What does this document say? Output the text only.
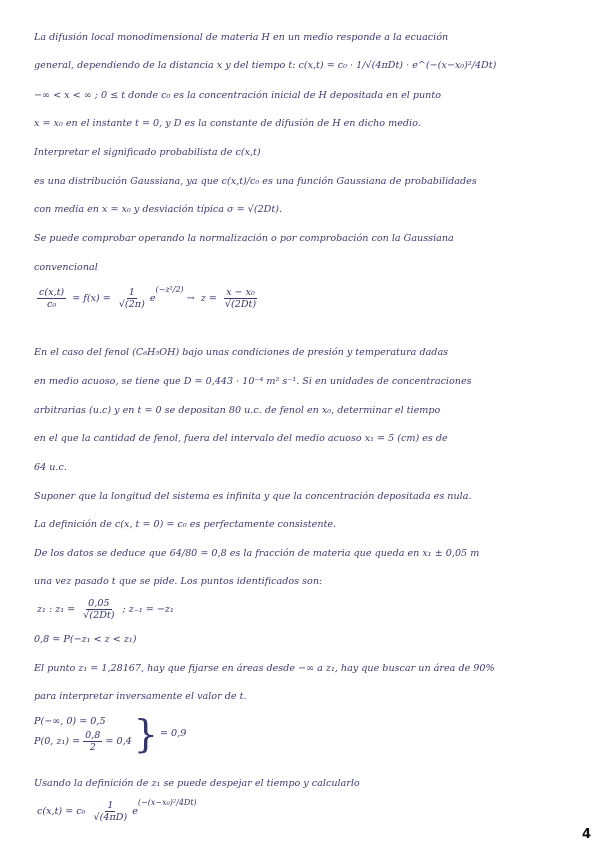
La difusión local monodimensional de materia H en un medio responde a la ecuación
general, dependiendo de la distancia x y del tiempo t: c(x,t) = c₀ · 1/√(4πDt) · e^(−(x−x₀)²/4Dt)
−∞ < x < ∞ ; 0 ≤ t donde c₀ es la concentración inicial de H depositada en el punto
x = x₀ en el instante t = 0, y D es la constante de difusión de H en dicho medio.
Interpretar el significado probabilista de c(x,t)
es una distribución Gaussiana, ya que c(x,t)/c₀ es una función Gaussiana de probabilidades
con media en x = x₀ y desviación típica σ = √(2Dt).
Se puede comprobar operando la normalización o por comprobación con la Gaussiana
convencional
$\frac{c(x,t)}{\text{c₀}} = f(x) = \frac{1}{√(2\pi)}$ e
(−z²/2)
→ $z = \frac{\text{x − x₀}}{√(2Dt)}$
En el caso del fenol (C₆H₅OH) bajo unas condiciones de presión y temperatura dadas
en medio acuoso, se tiene que D = 0,443 · 10⁻⁴ m² s⁻¹. Si en unidades de concentraciones
arbitrarias (u.c) y en t = 0 se depositan 80 u.c. de fenol en x₀, determinar el tiempo
en el que la cantidad de fenol, fuera del intervalo del medio acuoso x₁ = 5 (cm) es de
64 u.c.
Suponer que la longitud del sistema es infinita y que la concentración depositada es nula.
La definición de c(x, t = 0) = c₀ es perfectamente consistente.
De los datos se deduce que 64/80 = 0,8 es la fracción de materia que queda en x₁ ± 0,05 m
una vez pasado t que se pide. Los puntos identificados son:
z₁ : $z_1 = \frac{0,05}{√(2Dt)}$ ; z₋₁ = −z₁
0,8 = P(−z₁ < z < z₁)
El punto z₁ = 1,28167, hay que fijarse en áreas desde −∞ a z₁, hay que buscar un área de 90%
para interpretar inversamente el valor de t.
P(−∞, 0) = 0,5
P(0, $z_1) = \frac{0,8}{2} = 0,4$ } = 0,9
Usando la definición de z₁ se puede despejar el tiempo y calcularlo
$c(x,t) = c_0 \frac{1}{√(4\pi D)}$ e
(−(x−x₀)²/4Dt)
4
